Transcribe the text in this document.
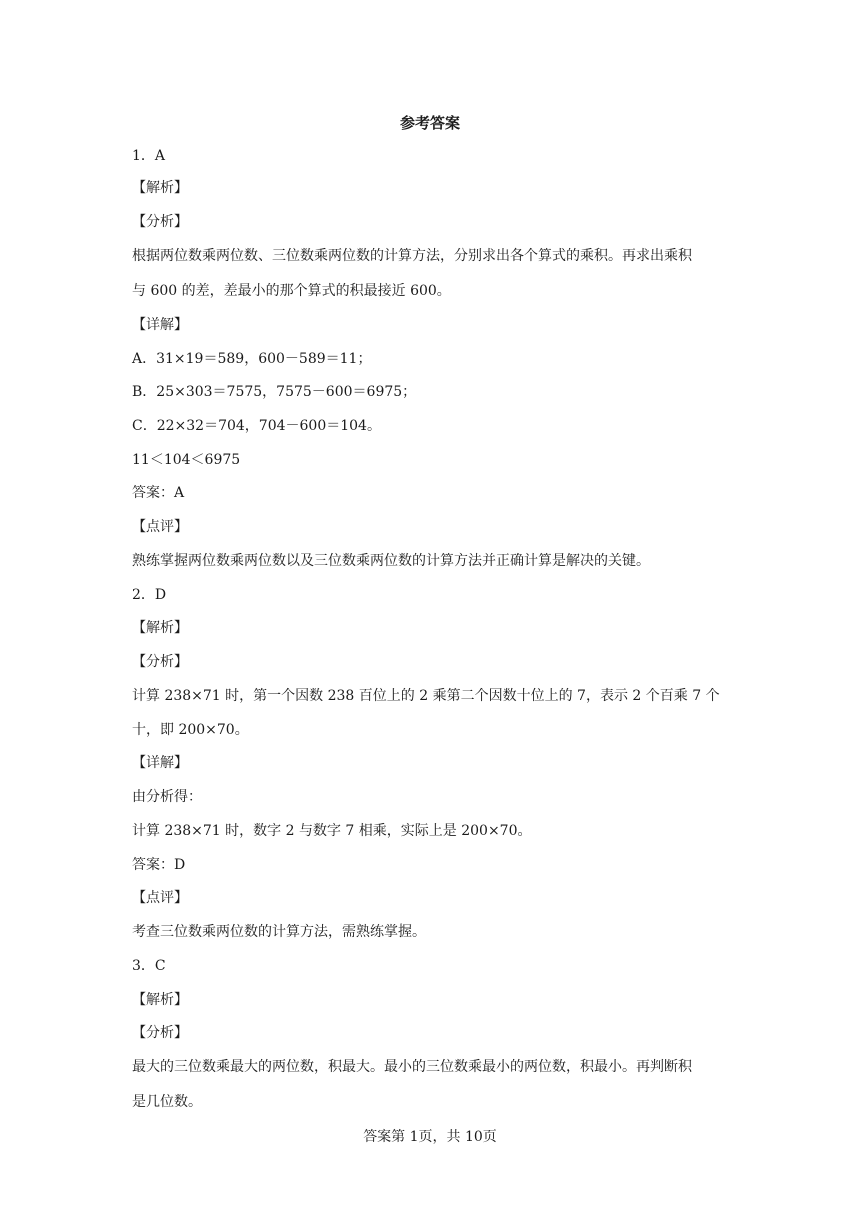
参考答案
1．A
【解析】
【分析】
根据两位数乘两位数、三位数乘两位数的计算方法，分别求出各个算式的乘积。再求出乘积
与 600 的差，差最小的那个算式的积最接近 600。
【详解】
A．31×19＝589，600－589＝11；
B．25×303＝7575，7575－600＝6975；
C．22×32＝704，704－600＝104。
11＜104＜6975
答案：A
【点评】
熟练掌握两位数乘两位数以及三位数乘两位数的计算方法并正确计算是解决的关键。
2．D
【解析】
【分析】
计算 238×71 时，第一个因数 238 百位上的 2 乘第二个因数十位上的 7，表示 2 个百乘 7 个
十，即 200×70。
【详解】
由分析得：
计算 238×71 时，数字 2 与数字 7 相乘，实际上是 200×70。
答案：D
【点评】
考查三位数乘两位数的计算方法，需熟练掌握。
3．C
【解析】
【分析】
最大的三位数乘最大的两位数，积最大。最小的三位数乘最小的两位数，积最小。再判断积
是几位数。
答案第 1页，共 10页
